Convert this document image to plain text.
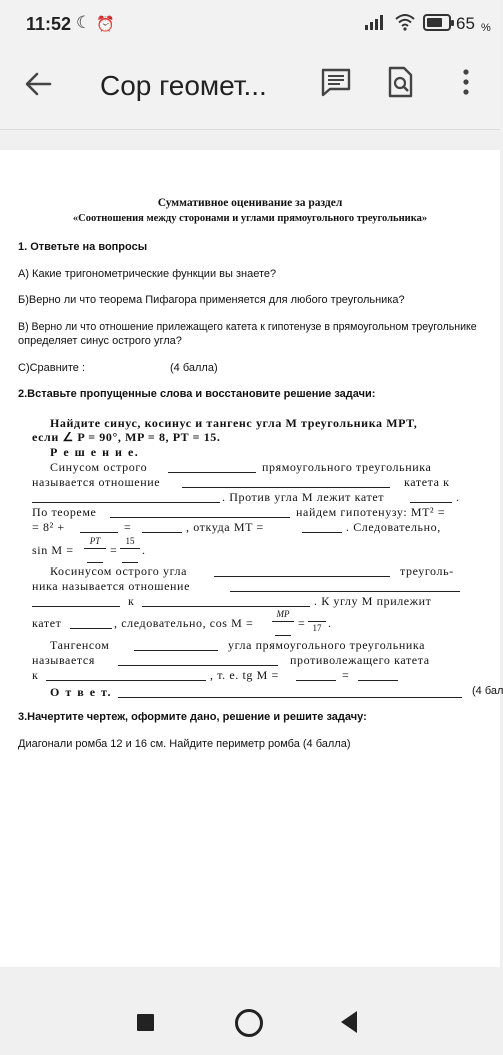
11:52 ☾ ⏰	65 %
Сор геомет...
Суммативное оценивание за раздел
«Соотношения между сторонами и углами прямоугольного треугольника»
1. Ответьте на вопросы
А) Какие тригонометрические функции вы знаете?
Б)Верно ли что теорема Пифагора применяется для любого треугольника?
В) Верно ли что отношение прилежащего катета к гипотенузе в прямоугольном треугольнике
определяет синус острого угла?
С)Сравните :	(4 балла)
2.Вставьте пропущенные слова и восстановите решение задачи:
Найдите синус, косинус и тангенс угла M треугольника MPT,
если ∠ P = 90°, MP = 8, PT = 15.
Р е ш е н и е.
Синусом острого	прямоугольного треугольника
называется отношение	катета к
. Против угла M лежит катет	.
По теореме	найдем гипотенузу: MT² =
= 8² +	=	, откуда MT =	. Следовательно,
sin M =
PT
=
15
.
Косинусом острого угла	треуголь-
ника называется отношение
к	. К углу M прилежит
катет	, следовательно, cos M =
MP
= 17 .
Тангенсом	угла прямоугольного треугольника
называется	противолежащего катета
к	, т. е. tg M =	=
О т в е т.	(4 бал
3.Начертите чертеж, оформите дано, решение и решите задачу:
Диагонали ромба 12 и 16 см. Найдите периметр ромба (4 балла)
